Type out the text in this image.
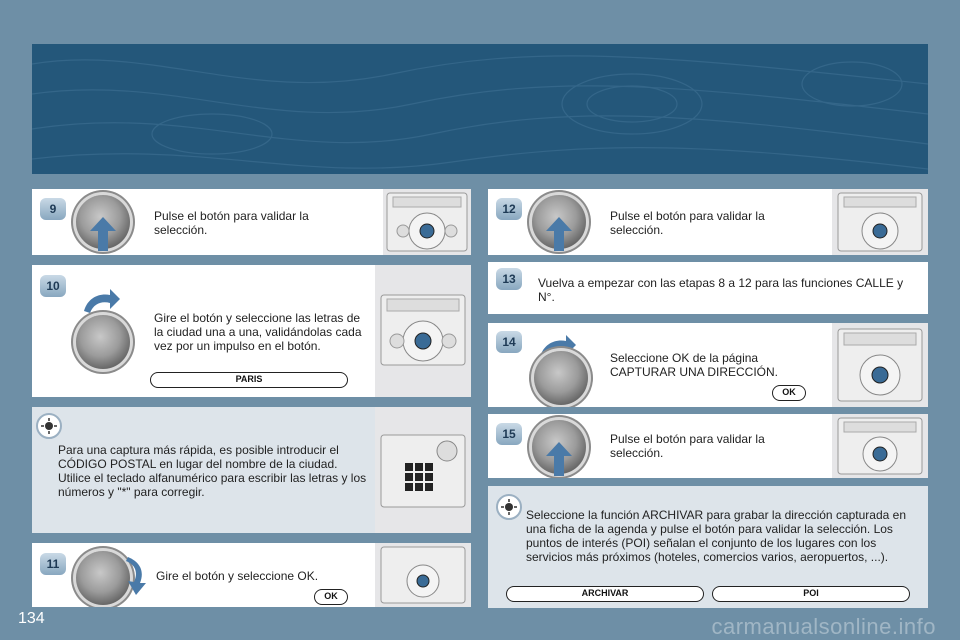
Pulse el botón para validar la selección.
9
Gire el botón y seleccione las letras de la ciudad una a una, validándolas cada vez por un impulso en el botón.
PARIS
10
Para una captura más rápida, es posible introducir el CÓDIGO POSTAL en lugar del nombre de la ciudad. Utilice el teclado alfanumérico para escribir las letras y los números y "*" para corregir.
Gire el botón y seleccione OK.
OK
11
Pulse el botón para validar la selección.
12
Vuelva a empezar con las etapas 8 a 12 para las funciones CALLE y N°.
13
Seleccione OK de la página CAPTURAR UNA DIRECCIÓN.
OK
14
Pulse el botón para validar la selección.
15
Seleccione la función ARCHIVAR para grabar la dirección capturada en una ficha de la agenda y pulse el botón para validar la selección. Los puntos de interés (POI) señalan el conjunto de los lugares con los servicios más próximos (hoteles, comercios varios, aeropuertos, ...).
ARCHIVAR	POI
134	carmanualsonline.info
